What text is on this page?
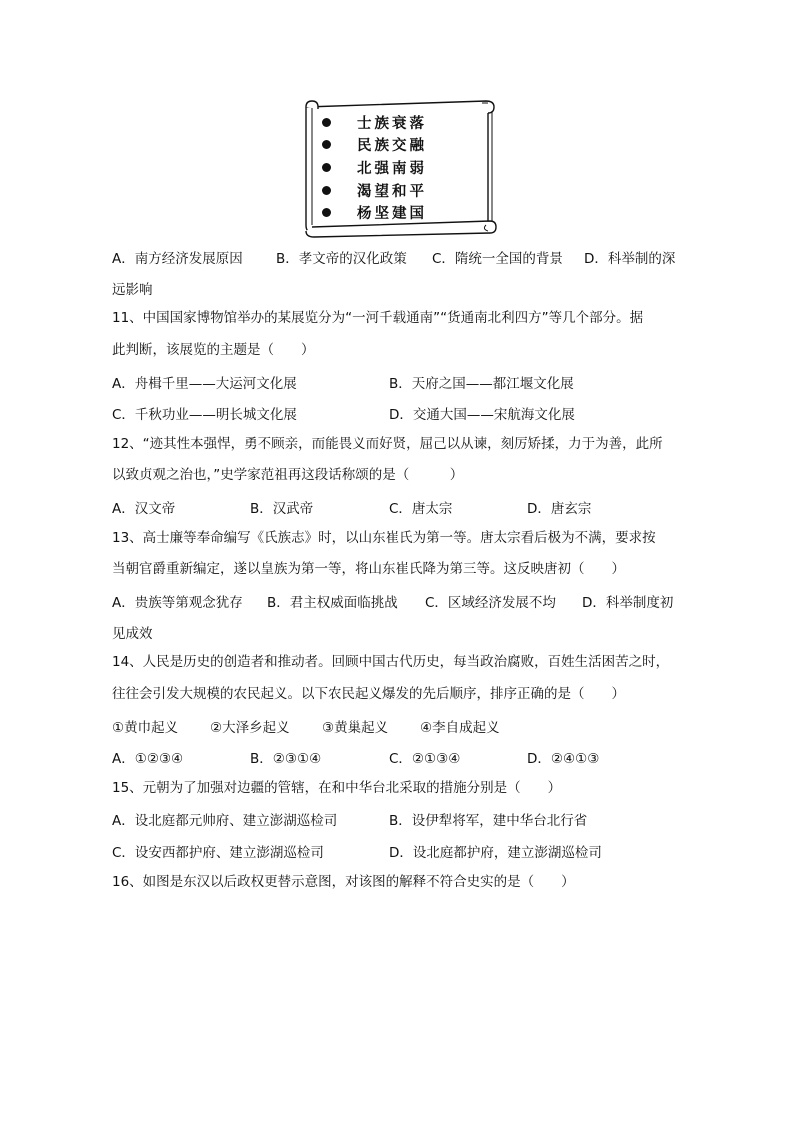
士族衰落
民族交融
北强南弱
渴望和平
杨坚建国
A．南方经济发展原因 B．孝文帝的汉化政策 C．隋统一全国的背景 D．科举制的深
远影响
11、中国国家博物馆举办的某展览分为“一河千载通南”“货通南北利四方”等几个部分。据
此判断，该展览的主题是（　　）
A．舟楫千里——大运河文化展	B．天府之国——都江堰文化展
C．千秋功业——明长城文化展	D．交通大国——宋航海文化展
12、“迹其性本强悍，勇不顾亲，而能畏义而好贤，屈己以从谏，刻厉矫揉，力于为善，此所
以致贞观之治也，”史学家范祖再这段话称颂的是（　　　）
A．汉文帝	B．汉武帝	C．唐太宗	D．唐玄宗
13、高士廉等奉命编写《氏族志》时，以山东崔氏为第一等。唐太宗看后极为不满，要求按
当朝官爵重新编定，遂以皇族为第一等，将山东崔氏降为第三等。这反映唐初（　　）
A．贵族等第观念犹存 B．君主权威面临挑战 C．区域经济发展不均 D．科举制度初
见成效
14、人民是历史的创造者和推动者。回顾中国古代历史，每当政治腐败，百姓生活困苦之时，
往往会引发大规模的农民起义。以下农民起义爆发的先后顺序，排序正确的是（　　）
①黄巾起义 ②大泽乡起义 ③黄巢起义 ④李自成起义
A．①②③④	B．②③①④	C．②①③④	D．②④①③
15、元朝为了加强对边疆的管辖，在和中华台北采取的措施分别是（　　）
A．设北庭都元帅府、建立澎湖巡检司	B．设伊犁将军，建中华台北行省
C．设安西都护府、建立澎湖巡检司	D．设北庭都护府，建立澎湖巡检司
16、如图是东汉以后政权更替示意图，对该图的解释不符合史实的是（　　）
